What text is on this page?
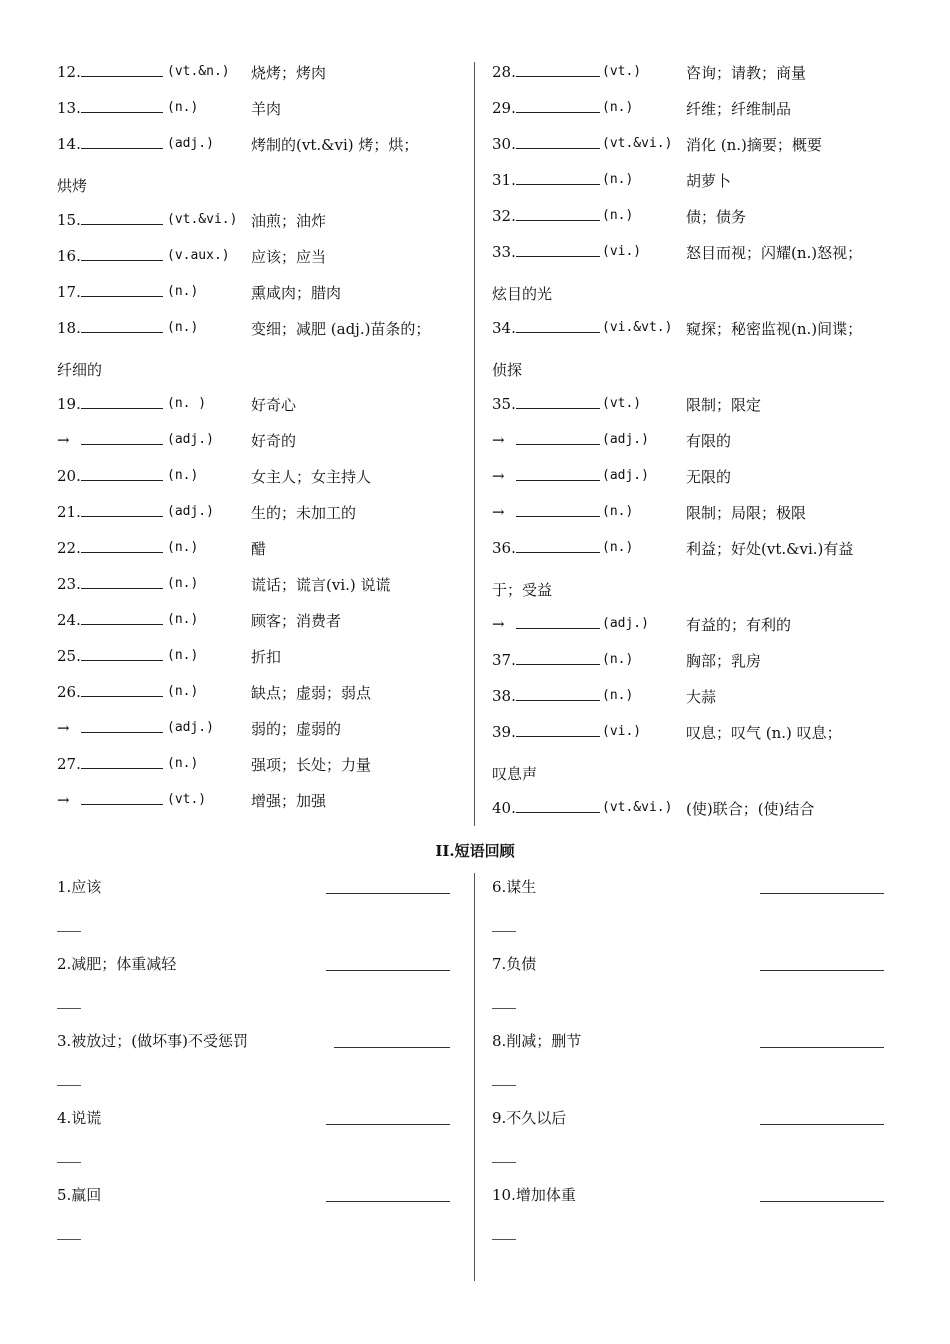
12.	(vt.&n.) 烧烤；烤肉
13.	(n.)	羊肉
14.	(adj.) 烤制的(vt.&vi) 烤；烘；
烘烤
15.	(vt.&vi.) 油煎；油炸
16.	(v.aux.) 应该；应当
17.	(n.)	熏咸肉；腊肉
18.	(n.)	变细；减肥 (adj.)苗条的；
纤细的
19.	(n. )	好奇心
→	(adj.) 好奇的
20.	(n.)	女主人；女主持人
21.	(adj.) 生的；未加工的
22.	(n.)	醋
23.	(n.)	谎话；谎言(vi.) 说谎
24.	(n.)	顾客；消费者
25.	(n.)	折扣
26.	(n.)	缺点；虚弱；弱点
→	(adj.) 弱的；虚弱的
27.	(n.)	强项；长处；力量
→	(vt.)	增强；加强
28.	(vt.)	咨询；请教；商量
29.	(n.)	纤维；纤维制品
30.	(vt.&vi.) 消化 (n.)摘要；概要
31.	(n.)	胡萝卜
32.	(n.)	债；债务
33.	(vi.)	怒目而视；闪耀(n.)怒视；
炫目的光
34.	(vi.&vt.) 窥探；秘密监视(n.)间谍；
侦探
35.	(vt.)	限制；限定
→	(adj.) 有限的
→	(adj.) 无限的
→	(n.)	限制；局限；极限
36.	(n.)	利益；好处(vt.&vi.)有益
于；受益
→	(adj.) 有益的；有利的
37.	(n.)	胸部；乳房
38.	(n.)	大蒜
39.	(vi.)	叹息；叹气 (n.) 叹息；
叹息声
40.	(vt.&vi.) (使)联合；(使)结合
II.短语回顾
1.应该
2.减肥；体重减轻
3.被放过；(做坏事)不受惩罚
4.说谎
5.赢回
6.谋生
7.负债
8.削减；删节
9.不久以后
10.增加体重
